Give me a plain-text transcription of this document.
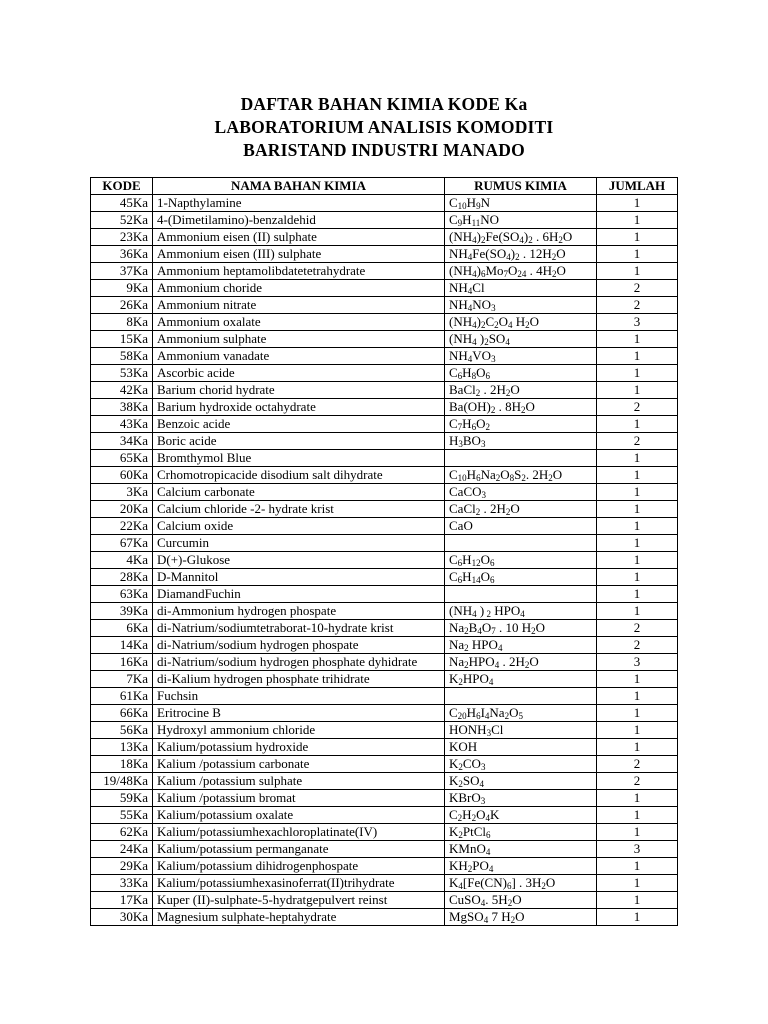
DAFTAR BAHAN KIMIA KODE Ka
LABORATORIUM ANALISIS KOMODITI
BARISTAND INDUSTRI MANADO
KODE	NAMA BAHAN KIMIA	RUMUS KIMIA	JUMLAH
45Ka	1-Napthylamine	$C_{10}H_9N$	1
52Ka	4-(Dimetilamino)-benzaldehid	$C_9H_{11}NO$	1
23Ka	Ammonium eisen (II) sulphate	$(NH_4)_2Fe(SO_4)_2$ . $6H_2O$	1
36Ka	Ammonium eisen (III) sulphate	$NH_4Fe(SO_4)_2$ . $12H_2O$	1
37Ka	Ammonium heptamolibdatetetrahydrate	$(NH_4)_6Mo_7O_{24}$ . $4H_2O$	1
9Ka	Ammonium choride	$NH_4Cl$	2
26Ka	Ammonium nitrate	$NH_4NO_3$	2
8Ka	Ammonium oxalate	$(NH_4)_2C_2O_4$ $H_2O$	3
15Ka	Ammonium sulphate	($NH_4$ )$_2SO_4$	1
58Ka	Ammonium vanadate	$NH_4VO_3$	1
53Ka	Ascorbic acide	$C_6H_8O_6$	1
42Ka	Barium chorid hydrate	BaCl$_2$ . $2H_2O$	1
38Ka	Barium hydroxide octahydrate	$Ba(OH)_2$ . $8H_2O$	2
43Ka	Benzoic acide	$C_7H_6O_2$	1
34Ka	Boric acide	$H_3BO_3$	2
65Ka	Bromthymol Blue		1
60Ka	Crhomotropicacide disodium salt dihydrate	$C_{10}H_6Na_2O_8S_2$. $2H_2O$	1
3Ka	Calcium carbonate	CaCO$_3$	1
20Ka	Calcium chloride -2- hydrate krist	CaCl$_2$ . $2H_2O$	1
22Ka	Calcium oxide	CaO	1
67Ka	Curcumin		1
4Ka	D(+)-Glukose	$C_6H_{12}O_6$	1
28Ka	D-Mannitol	$C_6H_{14}O_6$	1
63Ka	DiamandFuchin		1
39Ka	di-Ammonium hydrogen phospate	($NH_4$ ) $_2$ $HPO_4$	1
6Ka	di-Natrium/sodiumtetraborat-10-hydrate krist	$Na_2B_4O_7$ . 10 $H_2O$	2
14Ka	di-Natrium/sodium hydrogen phospate	$Na_2$ $HPO_4$	2
16Ka	di-Natrium/sodium hydrogen phosphate dyhidrate	$Na_2HPO_4$ . $2H_2O$	3
7Ka	di-Kalium hydrogen phosphate trihidrate	$K_2HPO_4$	1
61Ka	Fuchsin		1
66Ka	Eritrocine B	$C_{20}H_6I_4Na_2O_5$	1
56Ka	Hydroxyl ammonium chloride	$HONH_3Cl$	1
13Ka	Kalium/potassium hydroxide	KOH	1
18Ka	Kalium /potassium carbonate	$K_2CO_3$	2
19/48Ka	Kalium /potassium sulphate	$K_2SO_4$	2
59Ka	Kalium /potassium bromat	KBrO$_3$	1
55Ka	Kalium/potassium oxalate	$C_2H_2O_4K$	1
62Ka	Kalium/potassiumhexachloroplatinate(IV)	$K_2PtCl_6$	1
24Ka	Kalium/potassium permanganate	KMnO$_4$	3
29Ka	Kalium/potassium dihidrogenphospate	$KH_2PO_4$	1
33Ka	Kalium/potassiumhexasinoferrat(II)trihydrate	$K_4[Fe(CN)_6]$ . $3H_2O$	1
17Ka	Kuper (II)-sulphate-5-hydratgepulvert reinst	CuSO$_4$. $5H_2O$	1
30Ka	Magnesium sulphate-heptahydrate	MgSO$_4$ 7 $H_2O$	1
